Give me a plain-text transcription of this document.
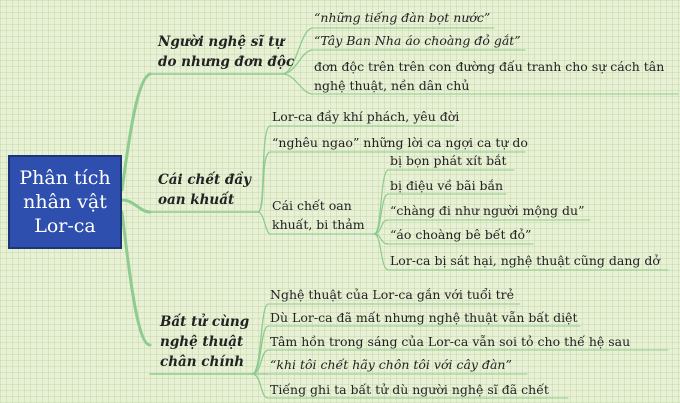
Phân tích
nhân vật
Lor-ca
Người nghệ sĩ tự
do nhưng đơn độc
“những tiếng đàn bọt nước”
“Tây Ban Nha áo choàng đỏ gắt”
đơn độc trên trên con đường đấu tranh cho sự cách tân
nghệ thuật, nền dân chủ
Cái chết đầy
oan khuất
Lor-ca đầy khí phách, yêu đời
“nghêu ngao” những lời ca ngợi ca tự do
Cái chết oan
khuất, bi thảm
bị bọn phát xít bắt
bị điệu về bãi bắn
“chàng đi như người mộng du”
“áo choàng bê bết đỏ”
Lor-ca bị sát hại, nghệ thuật cũng dang dở
Bất tử cùng
nghệ thuật
chân chính
Nghệ thuật của Lor-ca gắn với tuổi trẻ
Dù Lor-ca đã mất nhưng nghệ thuật vẫn bất diệt
Tâm hồn trong sáng của Lor-ca vẫn soi tỏ cho thế hệ sau
“khi tôi chết hãy chôn tôi với cây đàn”
Tiếng ghi ta bất tử dù người nghệ sĩ đã chết
